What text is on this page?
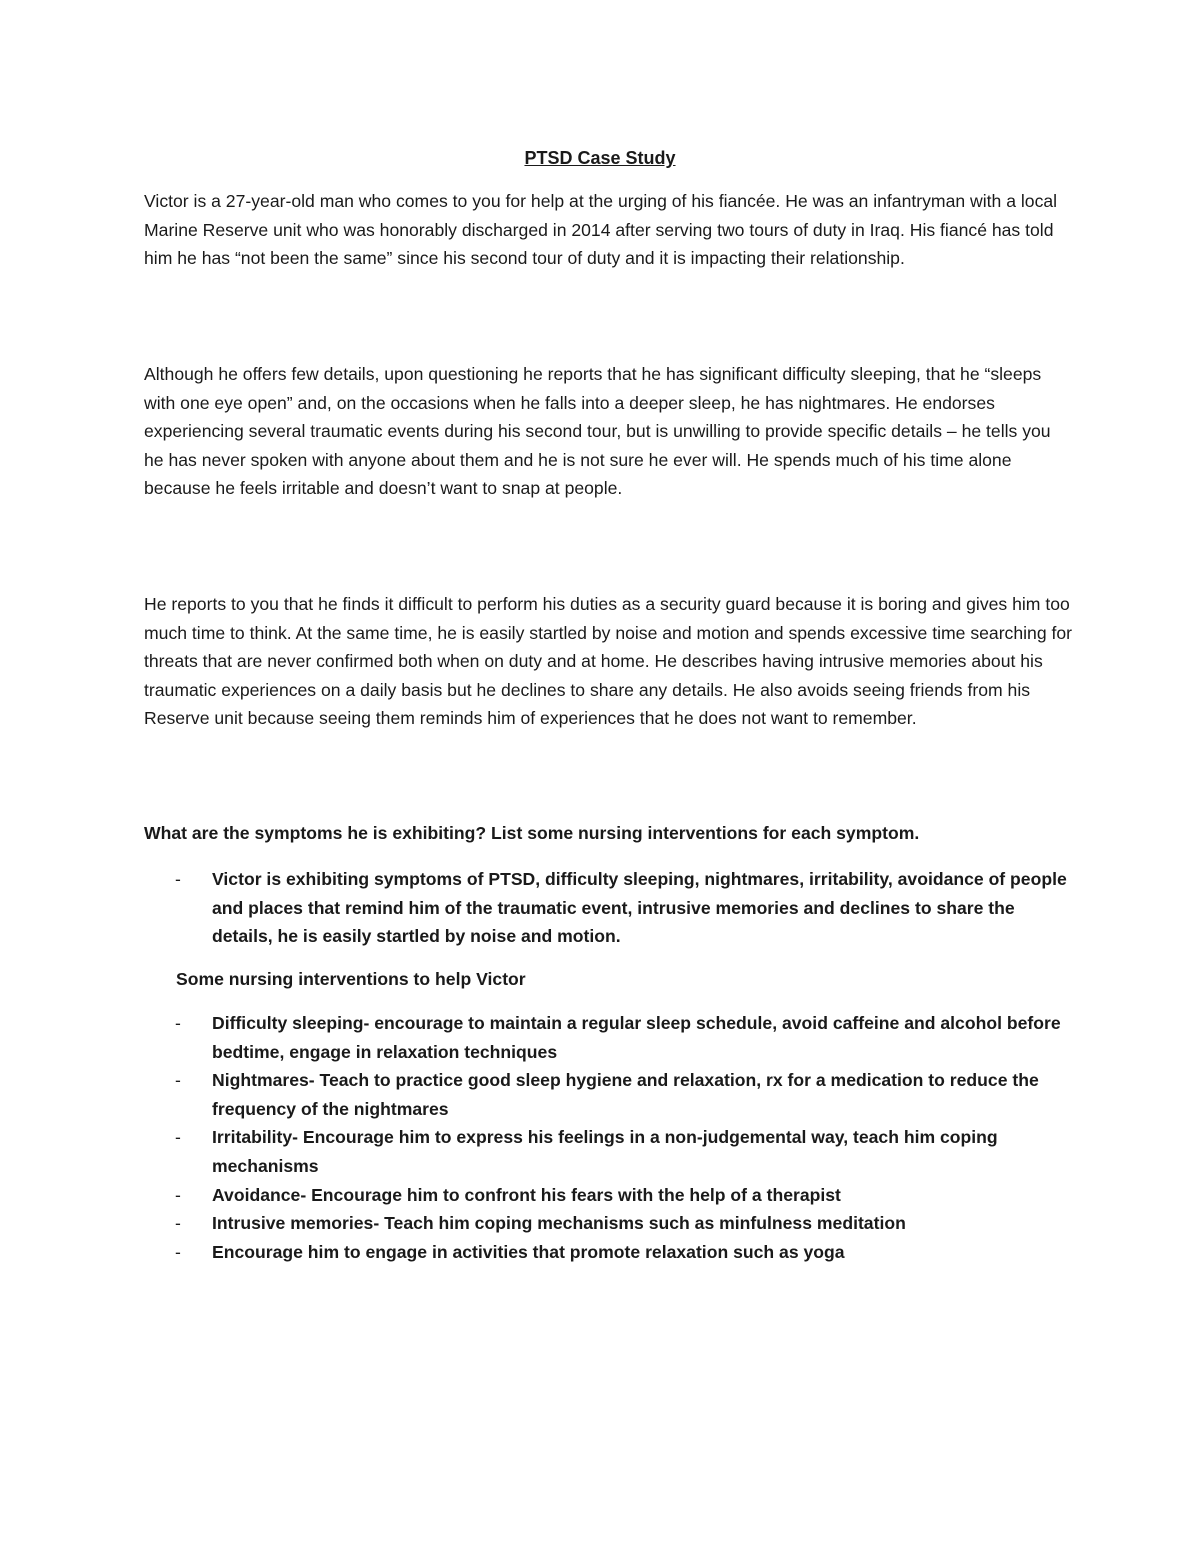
PTSD Case Study

Victor is a 27-year-old man who comes to you for help at the urging of his fiancée. He was an infantryman with a local Marine Reserve unit who was honorably discharged in 2014 after serving two tours of duty in Iraq. His fiancé has told him he has “not been the same” since his second tour of duty and it is impacting their relationship.

Although he offers few details, upon questioning he reports that he has significant difficulty sleeping, that he “sleeps with one eye open” and, on the occasions when he falls into a deeper sleep, he has nightmares. He endorses experiencing several traumatic events during his second tour, but is unwilling to provide specific details – he tells you he has never spoken with anyone about them and he is not sure he ever will. He spends much of his time alone because he feels irritable and doesn’t want to snap at people.

He reports to you that he finds it difficult to perform his duties as a security guard because it is boring and gives him too much time to think. At the same time, he is easily startled by noise and motion and spends excessive time searching for threats that are never confirmed both when on duty and at home. He describes having intrusive memories about his traumatic experiences on a daily basis but he declines to share any details. He also avoids seeing friends from his Reserve unit because seeing them reminds him of experiences that he does not want to remember.

What are the symptoms he is exhibiting? List some nursing interventions for each symptom.

- Victor is exhibiting symptoms of PTSD, difficulty sleeping, nightmares, irritability, avoidance of people and places that remind him of the traumatic event, intrusive memories and declines to share the details, he is easily startled by noise and motion.

Some nursing interventions to help Victor

- Difficulty sleeping- encourage to maintain a regular sleep schedule, avoid caffeine and alcohol before bedtime, engage in relaxation techniques
- Nightmares- Teach to practice good sleep hygiene and relaxation, rx for a medication to reduce the frequency of the nightmares
- Irritability- Encourage him to express his feelings in a non-judgemental way, teach him coping mechanisms
- Avoidance- Encourage him to confront his fears with the help of a therapist
- Intrusive memories- Teach him coping mechanisms such as minfulness meditation
- Encourage him to engage in activities that promote relaxation such as yoga
